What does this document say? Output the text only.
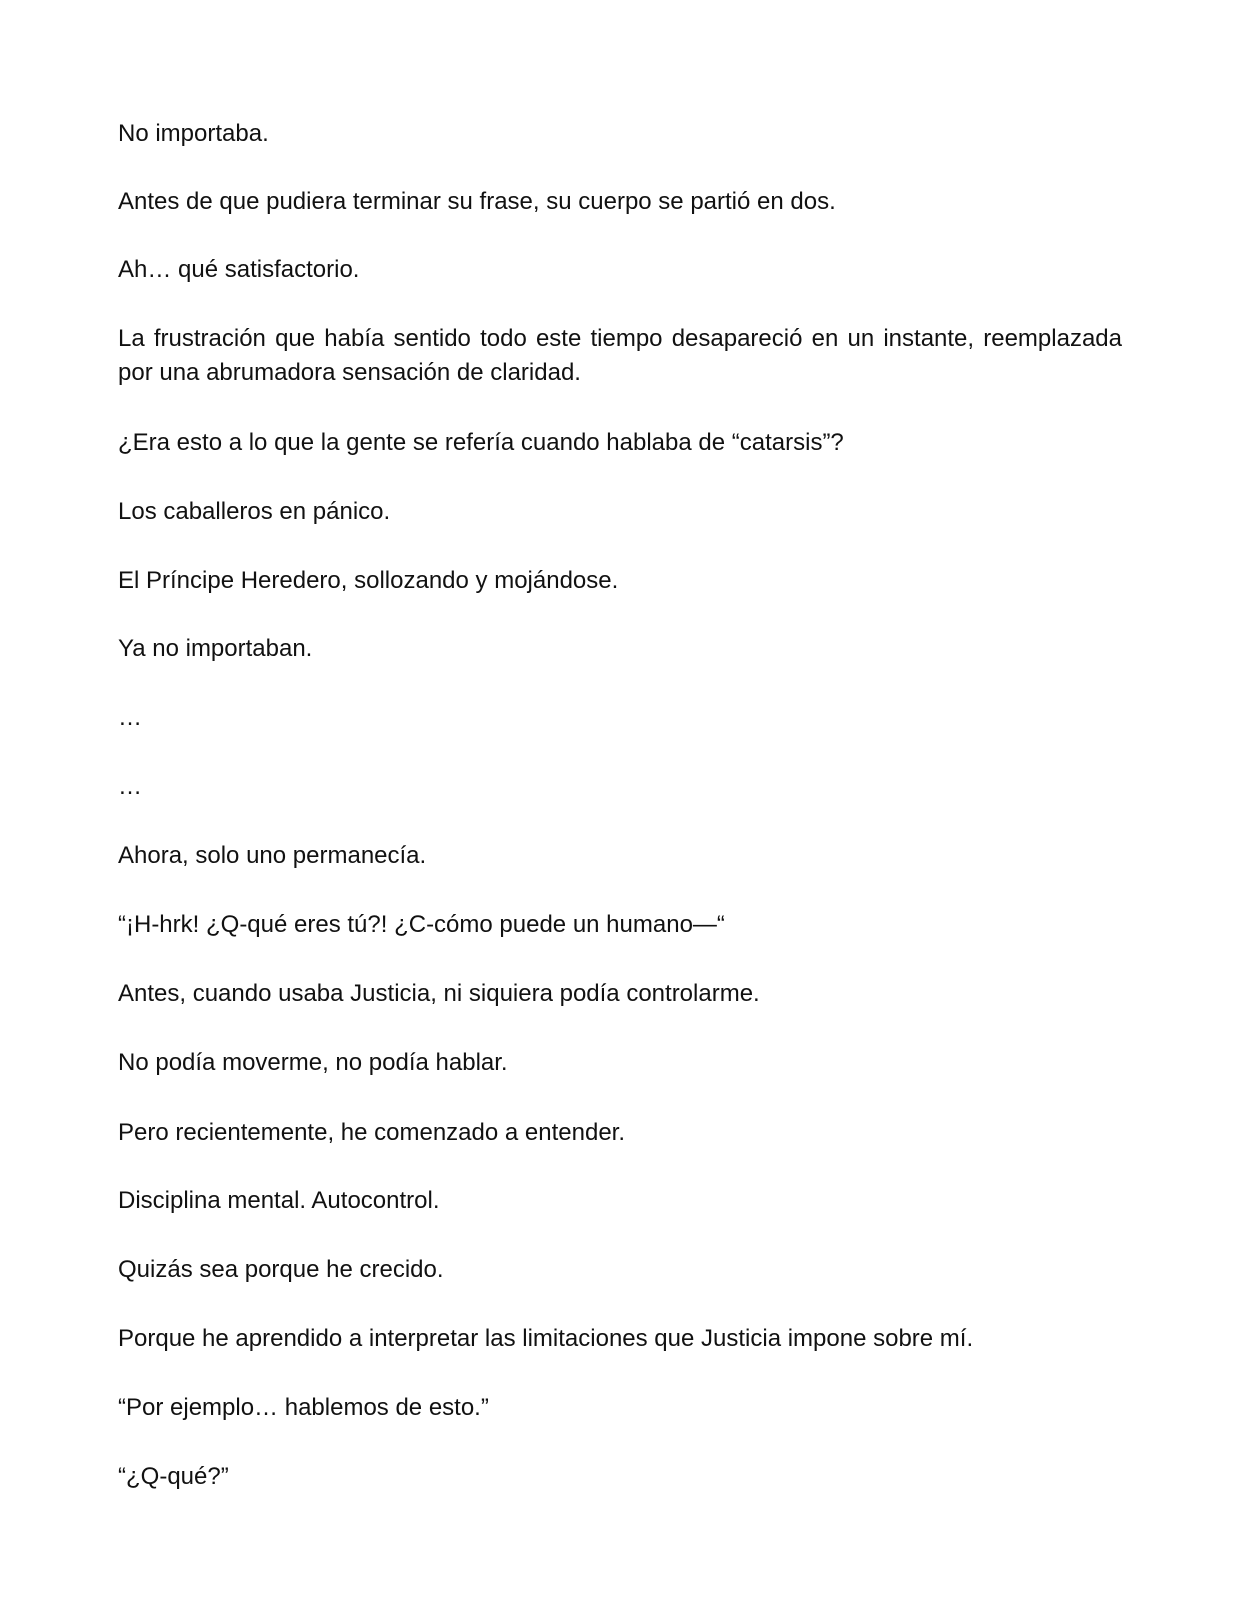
No importaba.

Antes de que pudiera terminar su frase, su cuerpo se partió en dos.

Ah… qué satisfactorio.

La frustración que había sentido todo este tiempo desapareció en un instante, reemplazada por una abrumadora sensación de claridad.

¿Era esto a lo que la gente se refería cuando hablaba de “catarsis”?

Los caballeros en pánico.

El Príncipe Heredero, sollozando y mojándose.

Ya no importaban.

…

…

Ahora, solo uno permanecía.

“¡H-hrk! ¿Q-qué eres tú?! ¿C-cómo puede un humano—“

Antes, cuando usaba Justicia, ni siquiera podía controlarme.

No podía moverme, no podía hablar.

Pero recientemente, he comenzado a entender.

Disciplina mental. Autocontrol.

Quizás sea porque he crecido.

Porque he aprendido a interpretar las limitaciones que Justicia impone sobre mí.

“Por ejemplo… hablemos de esto.”

“¿Q-qué?”
